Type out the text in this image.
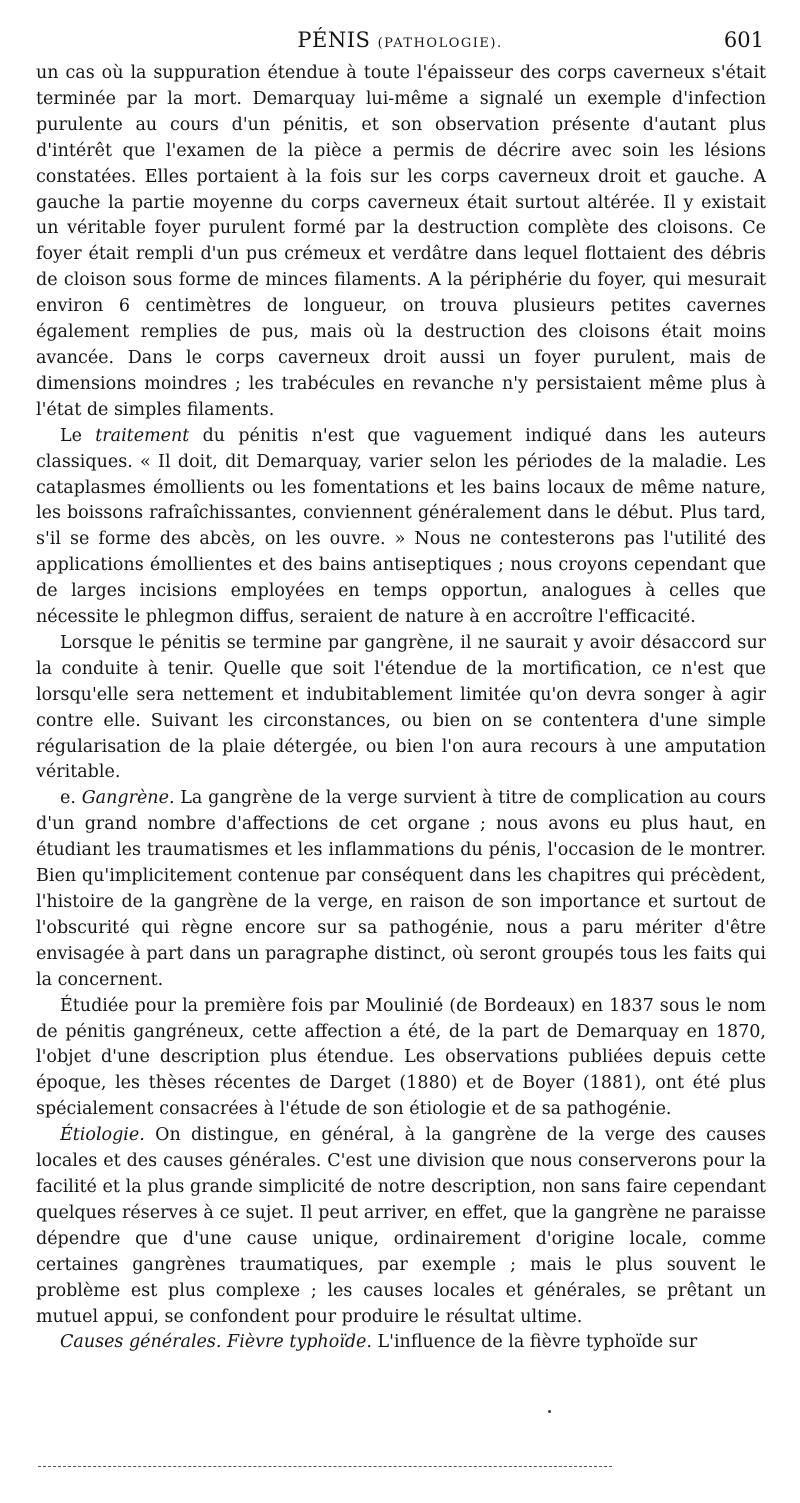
PÉNIS (PATHOLOGIE).	601

un cas où la suppuration étendue à toute l'épaisseur des corps caverneux s'était terminée par la mort. Demarquay lui-même a signalé un exemple d'infection purulente au cours d'un pénitis, et son observation présente d'autant plus d'intérêt que l'examen de la pièce a permis de décrire avec soin les lésions constatées. Elles portaient à la fois sur les corps caverneux droit et gauche. A gauche la partie moyenne du corps caverneux était surtout altérée. Il y existait un véritable foyer purulent formé par la destruction complète des cloisons. Ce foyer était rempli d'un pus crémeux et verdâtre dans lequel flottaient des débris de cloison sous forme de minces filaments. A la périphérie du foyer, qui mesurait environ 6 centimètres de longueur, on trouva plusieurs petites cavernes également remplies de pus, mais où la destruction des cloisons était moins avancée. Dans le corps caverneux droit aussi un foyer purulent, mais de dimensions moindres ; les trabécules en revanche n'y persistaient même plus à l'état de simples filaments.

Le traitement du pénitis n'est que vaguement indiqué dans les auteurs classiques. « Il doit, dit Demarquay, varier selon les périodes de la maladie. Les cataplasmes émollients ou les fomentations et les bains locaux de même nature, les boissons rafraîchissantes, conviennent généralement dans le début. Plus tard, s'il se forme des abcès, on les ouvre. » Nous ne contesterons pas l'utilité des applications émollientes et des bains antiseptiques ; nous croyons cependant que de larges incisions employées en temps opportun, analogues à celles que nécessite le phlegmon diffus, seraient de nature à en accroître l'efficacité.

Lorsque le pénitis se termine par gangrène, il ne saurait y avoir désaccord sur la conduite à tenir. Quelle que soit l'étendue de la mortification, ce n'est que lorsqu'elle sera nettement et indubitablement limitée qu'on devra songer à agir contre elle. Suivant les circonstances, ou bien on se contentera d'une simple régularisation de la plaie détergée, ou bien l'on aura recours à une amputation véritable.

e. Gangrène. La gangrène de la verge survient à titre de complication au cours d'un grand nombre d'affections de cet organe ; nous avons eu plus haut, en étudiant les traumatismes et les inflammations du pénis, l'occasion de le montrer. Bien qu'implicitement contenue par conséquent dans les chapitres qui précèdent, l'histoire de la gangrène de la verge, en raison de son importance et surtout de l'obscurité qui règne encore sur sa pathogénie, nous a paru mériter d'être envisagée à part dans un paragraphe distinct, où seront groupés tous les faits qui la concernent.

Étudiée pour la première fois par Moulinié (de Bordeaux) en 1837 sous le nom de pénitis gangréneux, cette affection a été, de la part de Demarquay en 1870, l'objet d'une description plus étendue. Les observations publiées depuis cette époque, les thèses récentes de Darget (1880) et de Boyer (1881), ont été plus spécialement consacrées à l'étude de son étiologie et de sa pathogénie.

Étiologie. On distingue, en général, à la gangrène de la verge des causes locales et des causes générales. C'est une division que nous conserverons pour la facilité et la plus grande simplicité de notre description, non sans faire cependant quelques réserves à ce sujet. Il peut arriver, en effet, que la gangrène ne paraisse dépendre que d'une cause unique, ordinairement d'origine locale, comme certaines gangrènes traumatiques, par exemple ; mais le plus souvent le problème est plus complexe ; les causes locales et générales, se prêtant un mutuel appui, se confondent pour produire le résultat ultime.

Causes générales. Fièvre typhoïde. L'influence de la fièvre typhoïde sur
